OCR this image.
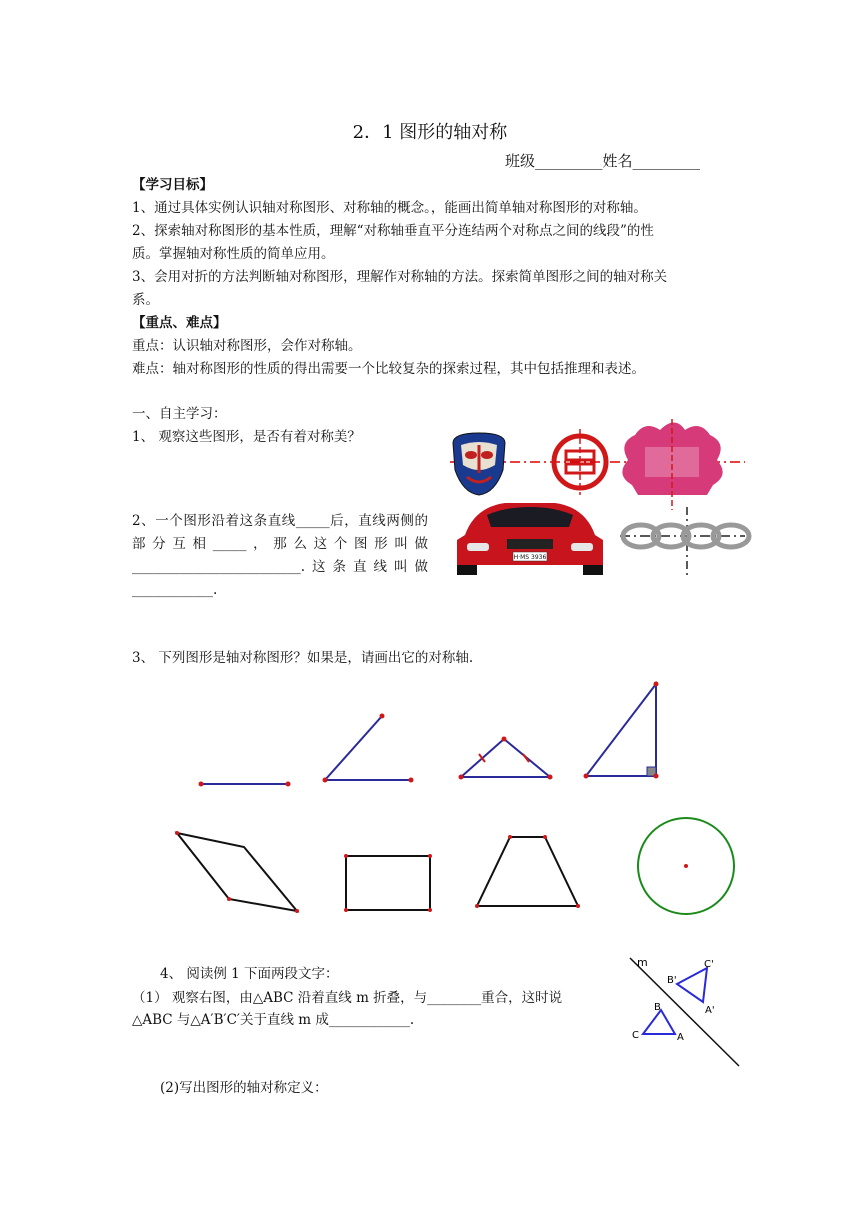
2．1 图形的轴对称
班级_________姓名_________
【学习目标】
1、通过具体实例认识轴对称图形、对称轴的概念。，能画出简单轴对称图形的对称轴。
2、探索轴对称图形的基本性质，理解“对称轴垂直平分连结两个对称点之间的线段”的性
质。掌握轴对称性质的简单应用。
3、会用对折的方法判断轴对称图形，理解作对称轴的方法。探索简单图形之间的轴对称关
系。
【重点、难点】
重点：认识轴对称图形，会作对称轴。
难点：轴对称图形的性质的得出需要一个比较复杂的探索过程，其中包括推理和表述。
一、自主学习：
1、 观察这些图形，是否有着对称美？
2、一个图形沿着这条直线_____后，直线两侧的部分互相_____，那么这个图形叫做_________________________.这条直线叫做____________.
H·MS 3936
3、 下列图形是轴对称图形？如果是，请画出它的对称轴.
4、 阅读例 1 下面两段文字：
（1） 观察右图，由△ABC 沿着直线 m 折叠，与________重合，这时说△ABC 与△A′B′C′关于直线 m 成____________.
m
B'
C'
A'
B
C	A
(2)写出图形的轴对称定义：
